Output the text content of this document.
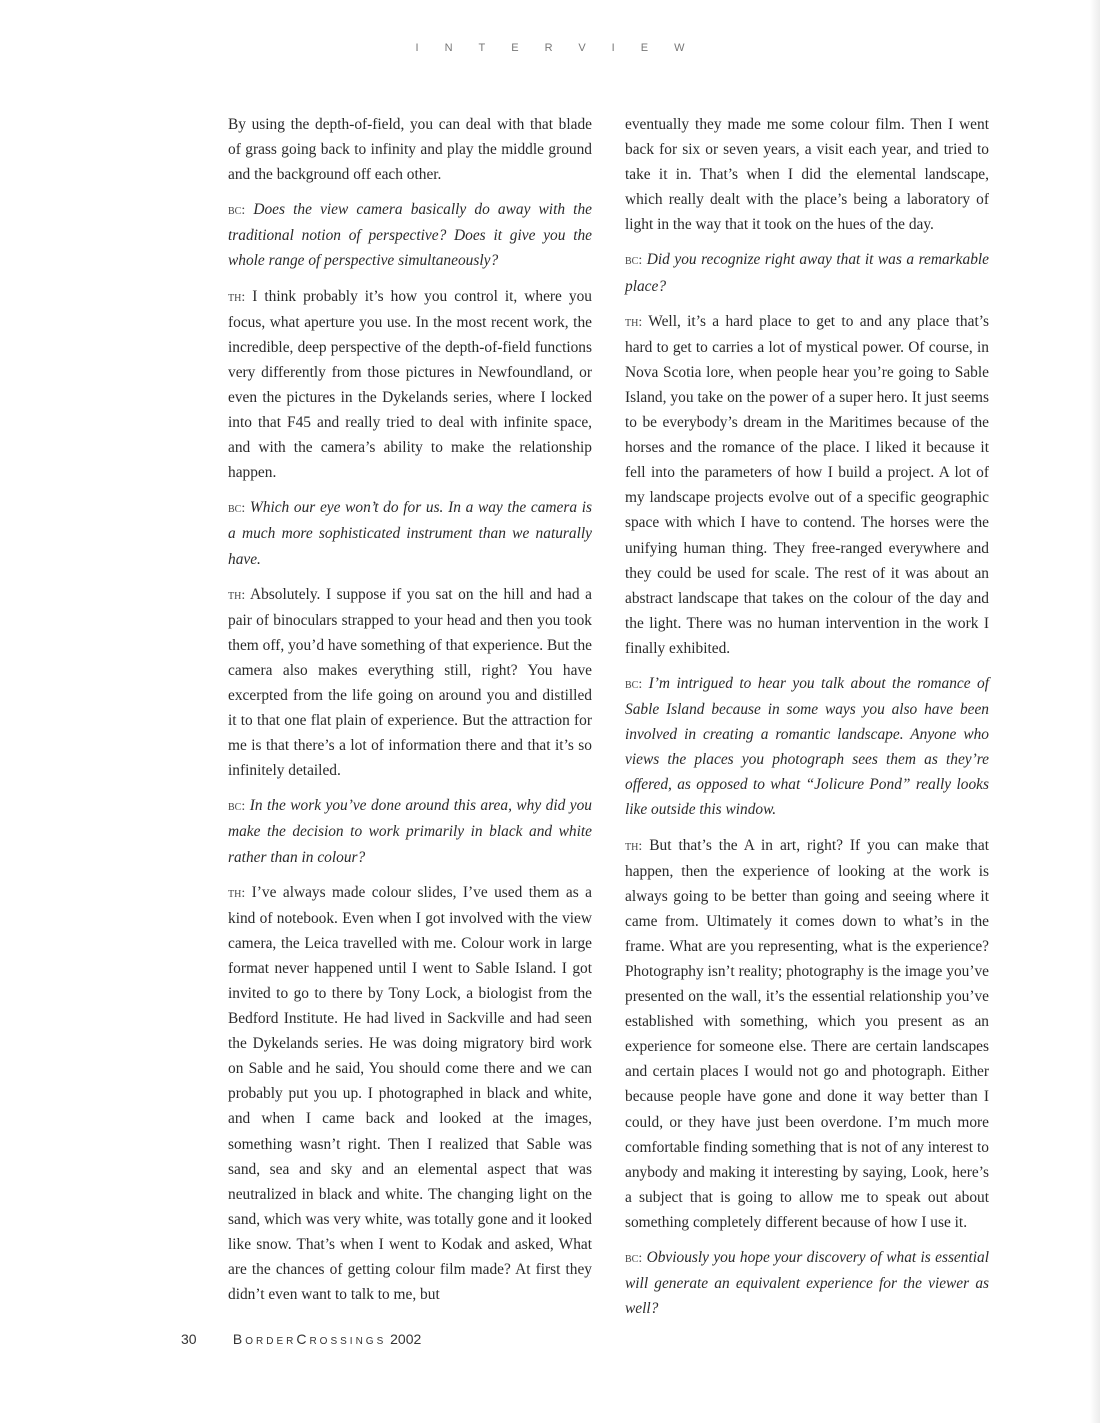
INTERVIEW

By using the depth-of-field, you can deal with that blade of grass going back to infinity and play the middle ground and the background off each other.

bc: Does the view camera basically do away with the traditional notion of perspective? Does it give you the whole range of perspective simultaneously?

th: I think probably it’s how you control it, where you focus, what aperture you use. In the most recent work, the incredible, deep perspective of the depth-of-field functions very differently from those pictures in Newfoundland, or even the pictures in the Dykelands series, where I locked into that F45 and really tried to deal with infinite space, and with the camera’s ability to make the relationship happen.

bc: Which our eye won’t do for us. In a way the camera is a much more sophisticated instrument than we naturally have.

th: Absolutely. I suppose if you sat on the hill and had a pair of binoculars strapped to your head and then you took them off, you’d have something of that experience. But the camera also makes everything still, right? You have excerpted from the life going on around you and distilled it to that one flat plain of experience. But the attraction for me is that there’s a lot of information there and that it’s so infinitely detailed.

bc: In the work you’ve done around this area, why did you make the decision to work primarily in black and white rather than in colour?

th: I’ve always made colour slides, I’ve used them as a kind of notebook. Even when I got involved with the view camera, the Leica travelled with me. Colour work in large format never happened until I went to Sable Island. I got invited to go to there by Tony Lock, a biologist from the Bedford Institute. He had lived in Sackville and had seen the Dykelands series. He was doing migratory bird work on Sable and he said, You should come there and we can probably put you up. I photographed in black and white, and when I came back and looked at the images, something wasn’t right. Then I realized that Sable was sand, sea and sky and an elemental aspect that was neutralized in black and white. The changing light on the sand, which was very white, was totally gone and it looked like snow. That’s when I went to Kodak and asked, What are the chances of getting colour film made? At first they didn’t even want to talk to me, but

eventually they made me some colour film. Then I went back for six or seven years, a visit each year, and tried to take it in. That’s when I did the elemental landscape, which really dealt with the place’s being a laboratory of light in the way that it took on the hues of the day.

bc: Did you recognize right away that it was a remarkable place?

th: Well, it’s a hard place to get to and any place that’s hard to get to carries a lot of mystical power. Of course, in Nova Scotia lore, when people hear you’re going to Sable Island, you take on the power of a super hero. It just seems to be everybody’s dream in the Maritimes because of the horses and the romance of the place. I liked it because it fell into the parameters of how I build a project. A lot of my landscape projects evolve out of a specific geographic space with which I have to contend. The horses were the unifying human thing. They free-ranged everywhere and they could be used for scale. The rest of it was about an abstract landscape that takes on the colour of the day and the light. There was no human intervention in the work I finally exhibited.

bc: I’m intrigued to hear you talk about the romance of Sable Island because in some ways you also have been involved in creating a romantic landscape. Anyone who views the places you photograph sees them as they’re offered, as opposed to what “Jolicure Pond” really looks like outside this window.

th: But that’s the A in art, right? If you can make that happen, then the experience of looking at the work is always going to be better than going and seeing where it came from. Ultimately it comes down to what’s in the frame. What are you representing, what is the experience? Photography isn’t reality; photography is the image you’ve presented on the wall, it’s the essential relationship you’ve established with something, which you present as an experience for someone else. There are certain landscapes and certain places I would not go and photograph. Either because people have gone and done it way better than I could, or they have just been overdone. I’m much more comfortable finding something that is not of any interest to anybody and making it interesting by saying, Look, here’s a subject that is going to allow me to speak out about something completely different because of how I use it.

bc: Obviously you hope your discovery of what is essential will generate an equivalent experience for the viewer as well?

30	BorderCrossings 2002
